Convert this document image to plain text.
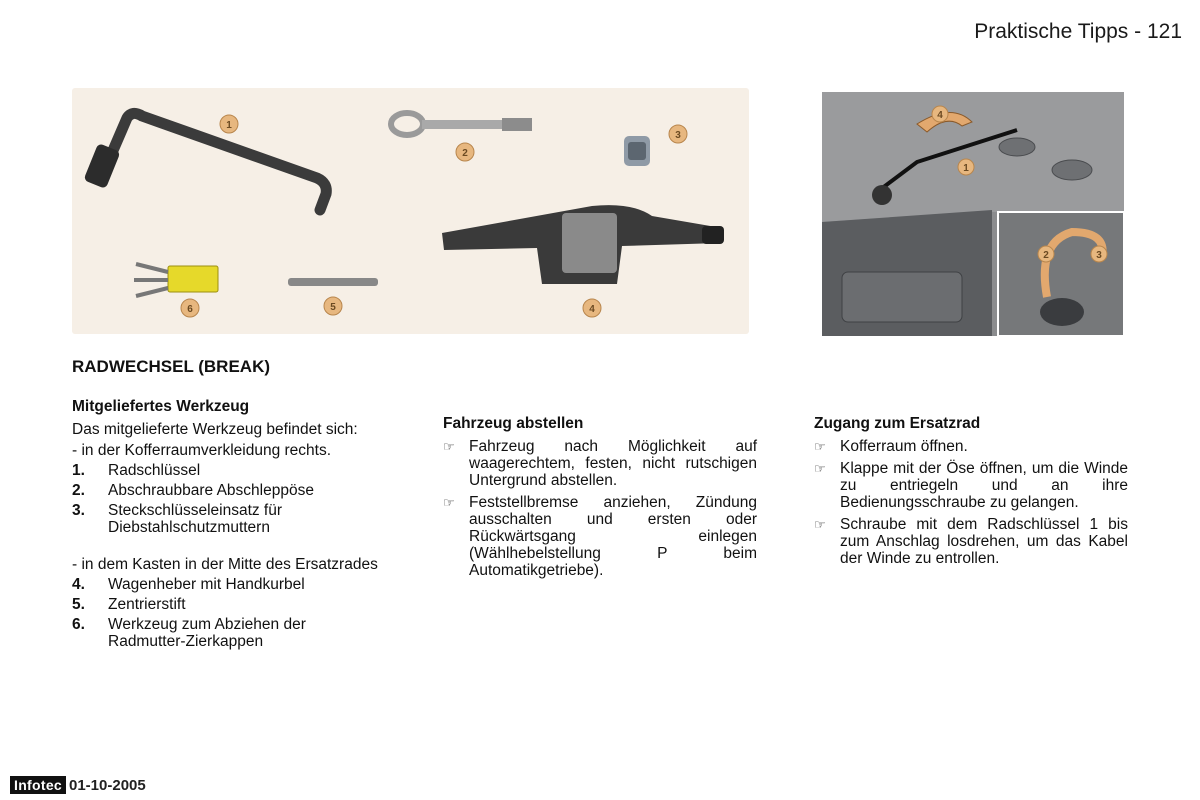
Praktische Tipps - 121
1
2
3
4
5
6
1
4
2	3
RADWECHSEL (BREAK)
Mitgeliefertes Werkzeug

Das mitgelieferte Werkzeug befindet sich:

- in der Kofferraumverkleidung rechts.

1.	Radschlüssel
2.	Abschraubbare Abschleppöse
3.	Steckschlüsseleinsatz für Diebstahlschutzmuttern

- in dem Kasten in der Mitte des Ersatzrades

4.	Wagenheber mit Handkurbel
5.	Zentrierstift
6.	Werkzeug zum Abziehen der Radmutter-Zierkappen
Fahrzeug abstellen
☞ Fahrzeug nach Möglichkeit auf waagerechtem, festen, nicht rutschigen Untergrund abstellen.
☞ Feststellbremse anziehen, Zündung ausschalten und ersten oder Rückwärtsgang einlegen (Wählhebelstellung P beim Automatikgetriebe).
Zugang zum Ersatzrad
☞ Kofferraum öffnen.
☞ Klappe mit der Öse öffnen, um die Winde zu entriegeln und an ihre Bedienungsschraube zu gelangen.
☞ Schraube mit dem Radschlüssel 1 bis zum Anschlag losdrehen, um das Kabel der Winde zu entrollen.
Infotec 01-10-2005
